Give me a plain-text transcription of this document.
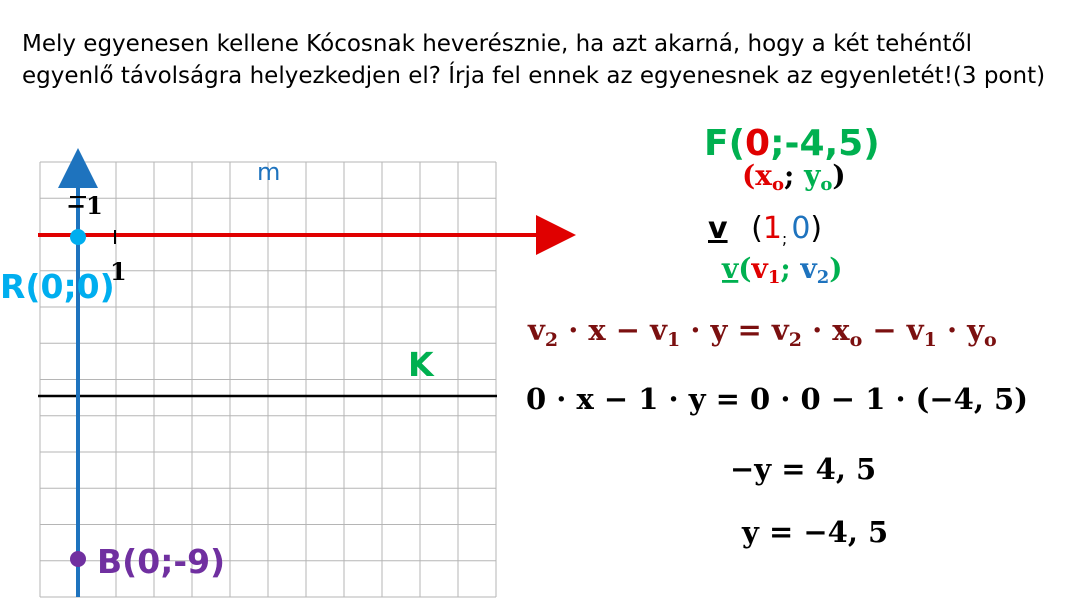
Mely egyenesen kellene Kócosnak heverésznie, ha azt akarná, hogy a két tehéntől egyenlő távolságra helyezkedjen el? Írja fel ennek az egyenesnek az egyenletét!(3 pont)
m
−1
1
R(0;0)
K
B(0;-9)
F(0;-4,5)
(xo; yo)
v ($1_;$ 0)
v(v1; v2)
$v_2 \cdot x - v_1 \cdot y = v_2 \cdot x_o - v_1 \cdot y_o$
0 · x − 1 · y = 0 · 0 − 1 · (−4, 5)
−y = 4, 5
y = −4, 5
